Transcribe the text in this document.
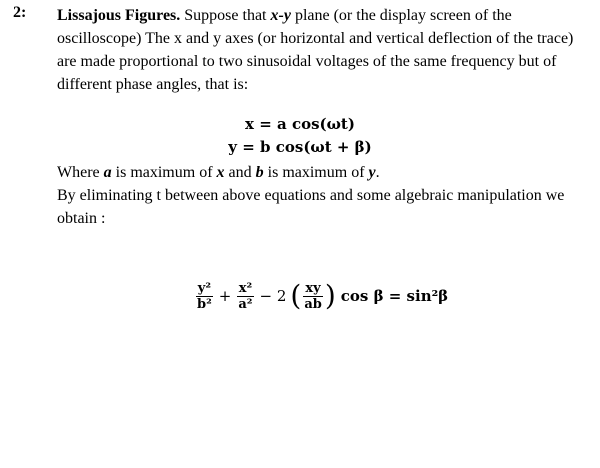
2: Lissajous Figures. Suppose that x-y plane (or the display screen of the oscilloscope) The x and y axes (or horizontal and vertical deflection of the trace) are made proportional to two sinusoidal voltages of the same frequency but of different phase angles, that is:
x = a cos(ωt)
y = b cos(ωt + β)
Where a is maximum of x and b is maximum of y.
By eliminating t between above equations and some algebraic manipulation we obtain :
$\frac{\text{y²}}{\text{b²}} + \frac{\text{x²}}{\text{a²}} - 2$ ( $\frac{xy}{ab}$ ) cos β = sin²β
